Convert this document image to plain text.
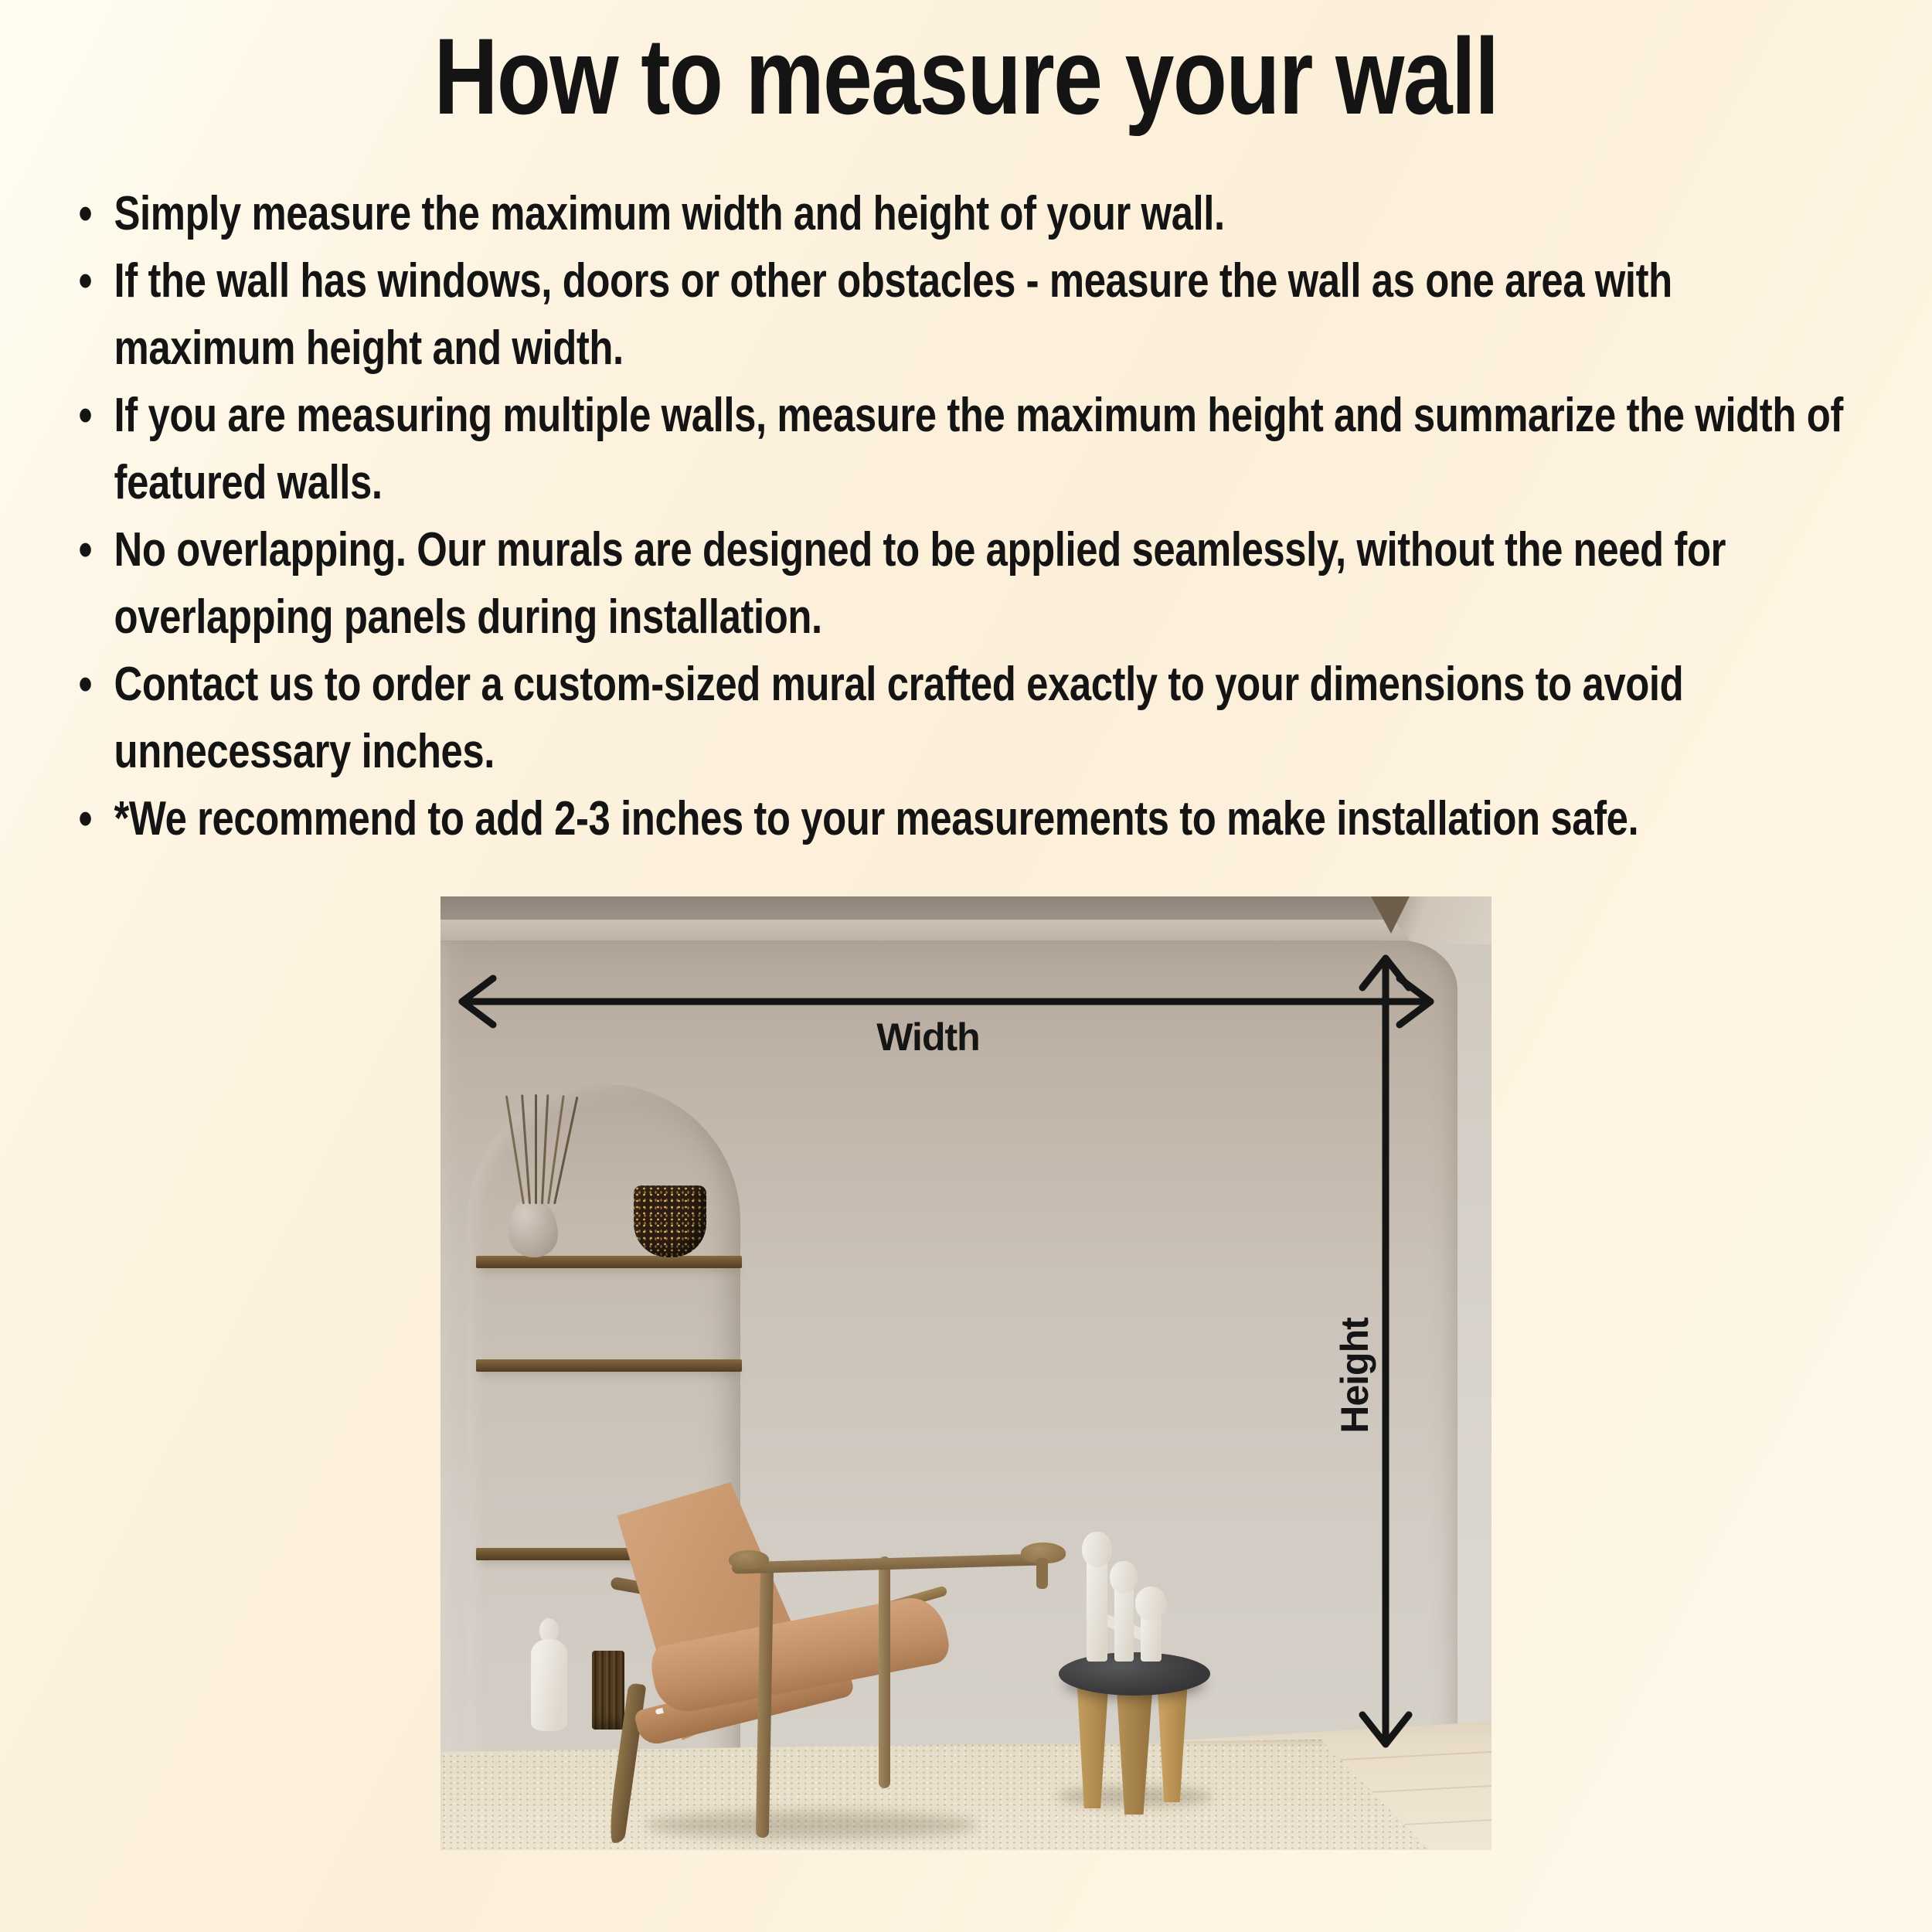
How to measure your wall
• Simply measure the maximum width and height of your wall.
• If the wall has windows, doors or other obstacles - measure the wall as one area with maximum height and width.
• If you are measuring multiple walls, measure the maximum height and summarize the width of featured walls.
• No overlapping. Our murals are designed to be applied seamlessly, without the need for overlapping panels during installation.
• Contact us to order a custom-sized mural crafted exactly to your dimensions to avoid unnecessary inches.
• *We recommend to add 2-3 inches to your measurements to make installation safe.
Width
Height
